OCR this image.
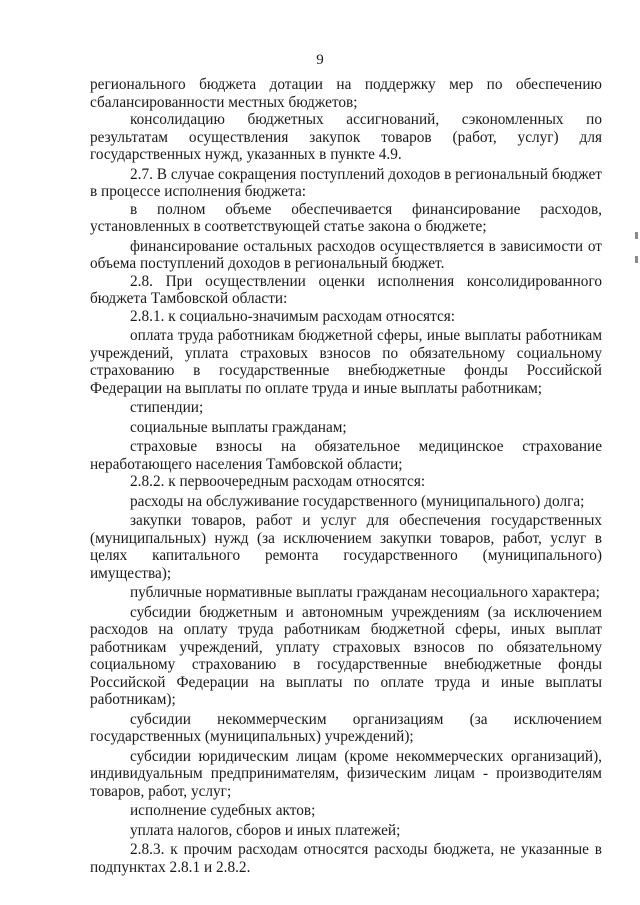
9

регионального бюджета дотации на поддержку мер по обеспечению сбалансированности местных бюджетов;

консолидацию бюджетных ассигнований, сэкономленных по результатам осуществления закупок товаров (работ, услуг) для государственных нужд, указанных в пункте 4.9.

2.7. В случае сокращения поступлений доходов в региональный бюджет в процессе исполнения бюджета:

в полном объеме обеспечивается финансирование расходов, установленных в соответствующей статье закона о бюджете;

финансирование остальных расходов осуществляется в зависимости от объема поступлений доходов в региональный бюджет.

2.8. При осуществлении оценки исполнения консолидированного бюджета Тамбовской области:

2.8.1. к социально-значимым расходам относятся:

оплата труда работникам бюджетной сферы, иные выплаты работникам учреждений, уплата страховых взносов по обязательному социальному страхованию в государственные внебюджетные фонды Российской Федерации на выплаты по оплате труда и иные выплаты работникам;

стипендии;

социальные выплаты гражданам;

страховые взносы на обязательное медицинское страхование неработающего населения Тамбовской области;

2.8.2. к первоочередным расходам относятся:

расходы на обслуживание государственного (муниципального) долга;

закупки товаров, работ и услуг для обеспечения государственных (муниципальных) нужд (за исключением закупки товаров, работ, услуг в целях капитального ремонта государственного (муниципального) имущества);

публичные нормативные выплаты гражданам несоциального характера;

субсидии бюджетным и автономным учреждениям (за исключением расходов на оплату труда работникам бюджетной сферы, иных выплат работникам учреждений, уплату страховых взносов по обязательному социальному страхованию в государственные внебюджетные фонды Российской Федерации на выплаты по оплате труда и иные выплаты работникам);

субсидии некоммерческим организациям (за исключением государственных (муниципальных) учреждений);

субсидии юридическим лицам (кроме некоммерческих организаций), индивидуальным предпринимателям, физическим лицам - производителям товаров, работ, услуг;

исполнение судебных актов;

уплата налогов, сборов и иных платежей;

2.8.3. к прочим расходам относятся расходы бюджета, не указанные в подпунктах 2.8.1 и 2.8.2.
